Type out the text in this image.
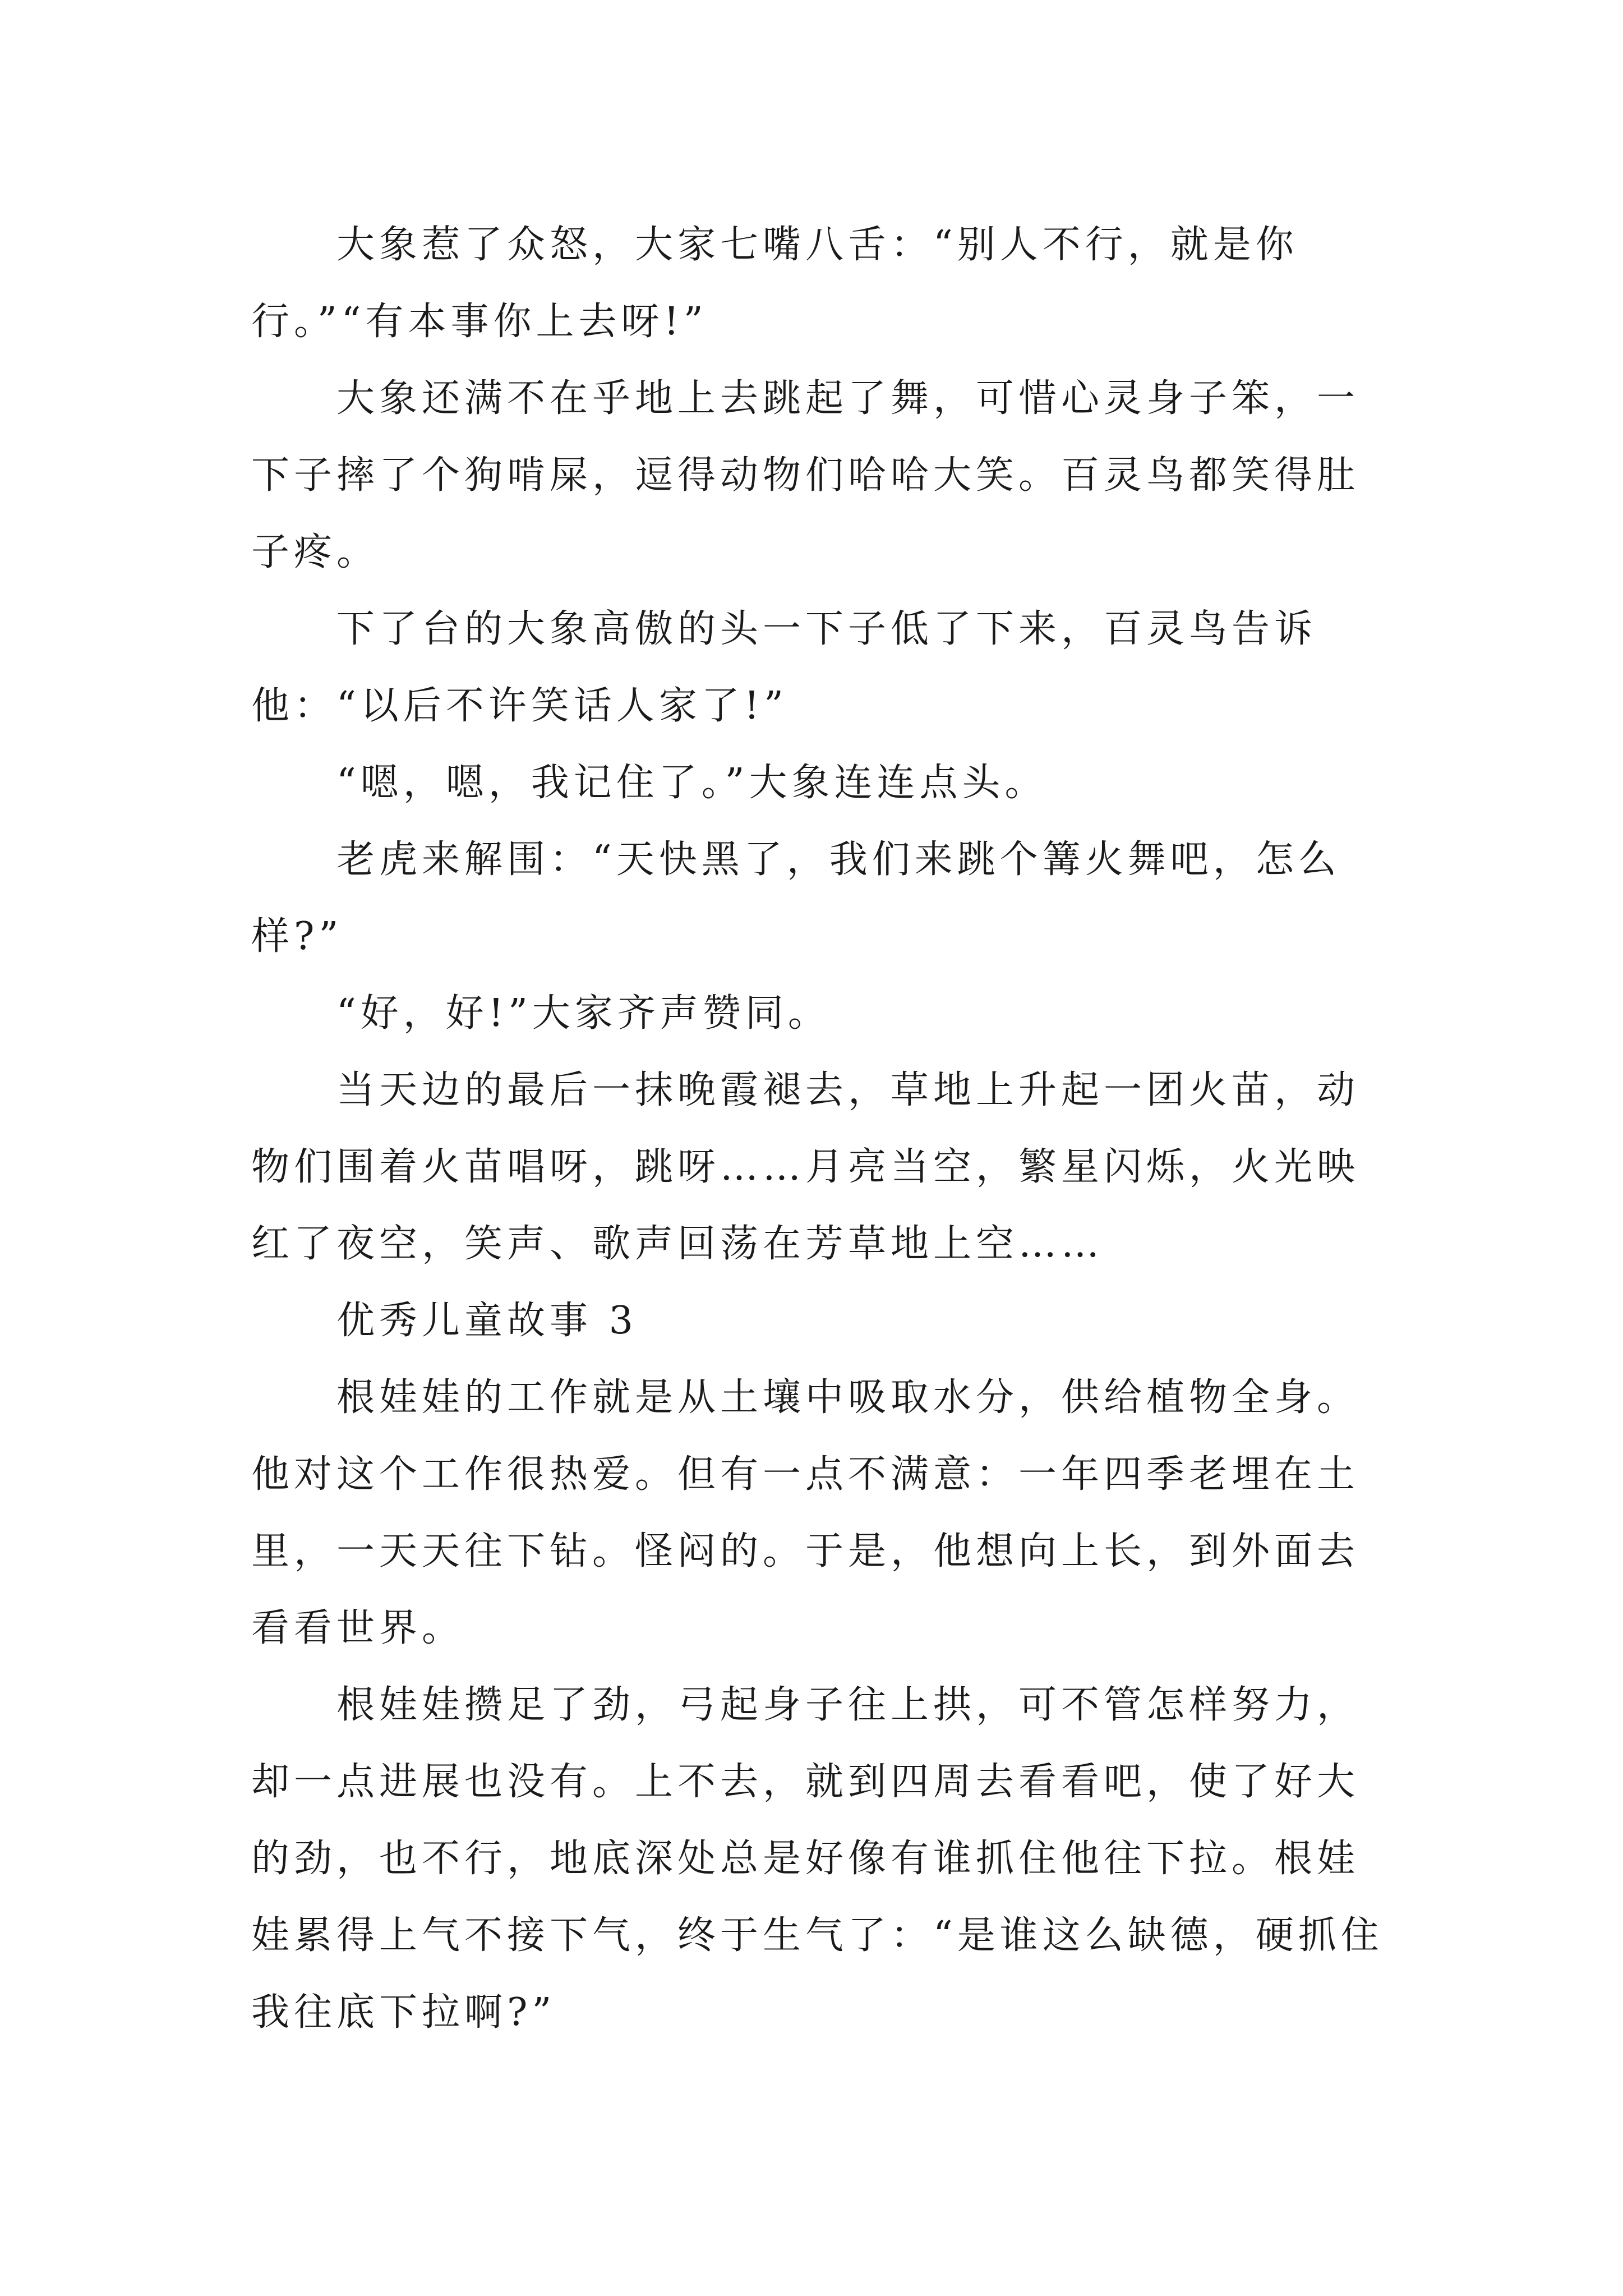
大象惹了众怒，大家七嘴八舌：“别人不行，就是你行。”“有本事你上去呀!”

大象还满不在乎地上去跳起了舞，可惜心灵身子笨，一下子摔了个狗啃屎，逗得动物们哈哈大笑。百灵鸟都笑得肚子疼。

下了台的大象高傲的头一下子低了下来，百灵鸟告诉他：“以后不许笑话人家了!”

“嗯，嗯，我记住了。”大象连连点头。

老虎来解围：“天快黑了，我们来跳个篝火舞吧，怎么样?”

“好，好!”大家齐声赞同。

当天边的最后一抹晚霞褪去，草地上升起一团火苗，动物们围着火苗唱呀，跳呀……月亮当空，繁星闪烁，火光映红了夜空，笑声、歌声回荡在芳草地上空……

优秀儿童故事 3

根娃娃的工作就是从土壤中吸取水分，供给植物全身。他对这个工作很热爱。但有一点不满意：一年四季老埋在土里，一天天往下钻。怪闷的。于是，他想向上长，到外面去看看世界。

根娃娃攒足了劲，弓起身子往上拱，可不管怎样努力，却一点进展也没有。上不去，就到四周去看看吧，使了好大的劲，也不行，地底深处总是好像有谁抓住他往下拉。根娃娃累得上气不接下气，终于生气了：“是谁这么缺德，硬抓住我往底下拉啊?”
